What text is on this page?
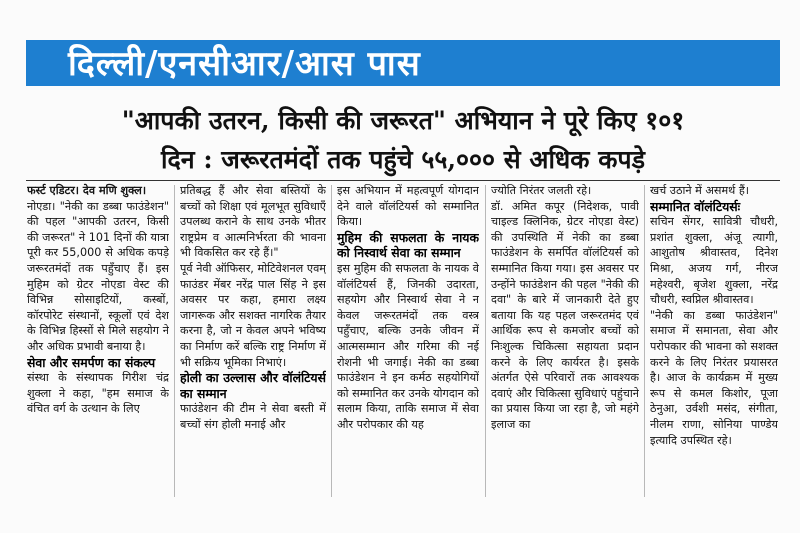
दिल्ली/एनसीआर/आस पास
"आपकी उतरन, किसी की जरूरत" अभियान ने पूरे किए १०१
दिन : जरूरतमंदों तक पहुंचे ५५,००० से अधिक कपड़े

फर्स्ट एडिटर। देव मणि शुक्ल।

नोएडा। "नेकी का डब्बा फाउंडेशन" की पहल "आपकी उतरन, किसी की जरूरत" ने 101 दिनों की यात्रा पूरी कर 55,000 से अधिक कपड़े जरूरतमंदों तक पहुँचाए हैं। इस मुहिम को ग्रेटर नोएडा वेस्ट की विभिन्न सोसाइटियों, कस्बों, कॉरपोरेट संस्थानों, स्कूलों एवं देश के विभिन्न हिस्सों से मिले सहयोग ने और अधिक प्रभावी बनाया है।

सेवा और समर्पण का संकल्प

संस्था के संस्थापक गिरीश चंद्र शुक्ला ने कहा, "हम समाज के वंचित वर्ग के उत्थान के लिए

प्रतिबद्ध हैं और सेवा बस्तियों के बच्चों को शिक्षा एवं मूलभूत सुविधाएँ उपलब्ध कराने के साथ उनके भीतर राष्ट्रप्रेम व आत्मनिर्भरता की भावना भी विकसित कर रहे हैं।"

पूर्व नेवी ऑफिसर, मोटिवेशनल एवम् फाउंडर मेंबर नरेंद्र पाल सिंह ने इस अवसर पर कहा, हमारा लक्ष्य जागरूक और सशक्त नागरिक तैयार करना है, जो न केवल अपने भविष्य का निर्माण करें बल्कि राष्ट्र निर्माण में भी सक्रिय भूमिका निभाएं।

होली का उल्लास और वॉलंटियर्स का सम्मान

फाउंडेशन की टीम ने सेवा बस्ती में बच्चों संग होली मनाई और

इस अभियान में महत्वपूर्ण योगदान देने वाले वॉलंटियर्स को सम्मानित किया।

मुहिम की सफलता के नायक को निस्वार्थ सेवा का सम्मान

इस मुहिम की सफलता के नायक वे वॉलंटियर्स हैं, जिनकी उदारता, सहयोग और निस्वार्थ सेवा ने न केवल जरूरतमंदों तक वस्त्र पहुँचाए, बल्कि उनके जीवन में आत्मसम्मान और गरिमा की नई रोशनी भी जगाई। नेकी का डब्बा फाउंडेशन ने इन कर्मठ सहयोगियों को सम्मानित कर उनके योगदान को सलाम किया, ताकि समाज में सेवा और परोपकार की यह

ज्योति निरंतर जलती रहे।

डॉ. अमित कपूर (निदेशक, पावी चाइल्ड क्लिनिक, ग्रेटर नोएडा वेस्ट) की उपस्थिति में नेकी का डब्बा फाउंडेशन के समर्पित वॉलंटियर्स को सम्मानित किया गया। इस अवसर पर उन्होंने फाउंडेशन की पहल "नेकी की दवा" के बारे में जानकारी देते हुए बताया कि यह पहल जरूरतमंद एवं आर्थिक रूप से कमजोर बच्चों को निःशुल्क चिकित्सा सहायता प्रदान करने के लिए कार्यरत है। इसके अंतर्गत ऐसे परिवारों तक आवश्यक दवाएं और चिकित्सा सुविधाएं पहुंचाने का प्रयास किया जा रहा है, जो महंगे इलाज का

खर्च उठाने में असमर्थ हैं।

सम्मानित वॉलंटियर्सः

सचिन सेंगर, सावित्री चौधरी, प्रशांत शुक्ला, अंजू त्यागी, आशुतोष श्रीवास्तव, दिनेश मिश्रा, अजय गर्ग, नीरज महेश्वरी, बृजेश शुक्ला, नरेंद्र चौधरी, स्वप्निल श्रीवास्तव।

"नेकी का डब्बा फाउंडेशन" समाज में समानता, सेवा और परोपकार की भावना को सशक्त करने के लिए निरंतर प्रयासरत है। आज के कार्यक्रम में मुख्य रूप से कमल किशोर, पूजा ठेनुआ, उर्वशी मसंद, संगीता, नीलम राणा, सोनिया पाण्डेय इत्यादि उपस्थित रहे।
